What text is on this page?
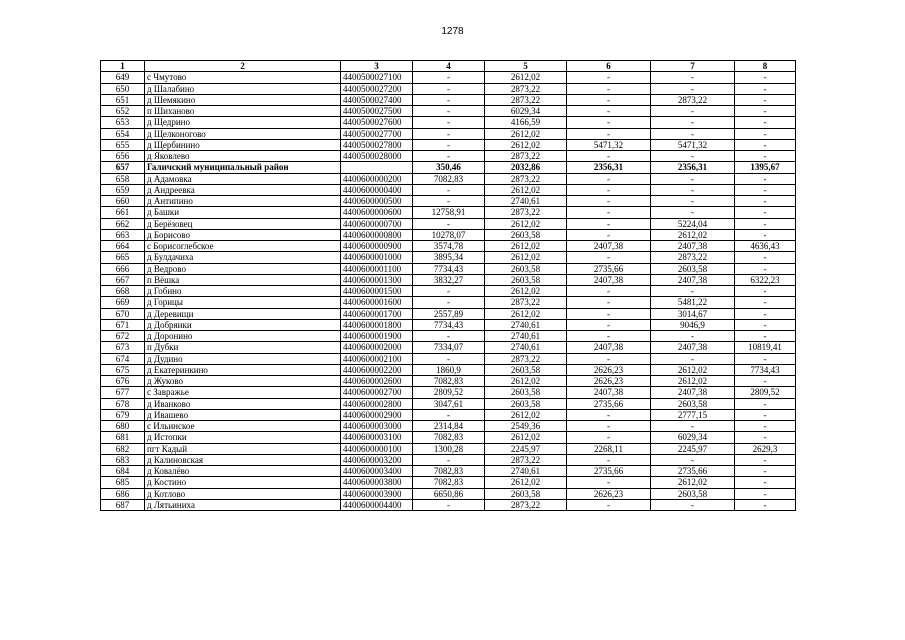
1278
1	2	3	4	5	6	7	8
649	с Чмутово	4400500027100	-	2612,02	-	-	-
650	д Шалабино	4400500027200	-	2873,22	-	-	-
651	д Шемякино	4400500027400	-	2873,22	-	2873,22	-
652	п Шиханово	4400500027500	-	6029,34	-	-	-
653	д Щедрино	4400500027600	-	4166,59	-	-	-
654	д Щелконогово	4400500027700	-	2612,02	-	-	-
655	д Щербинино	4400500027800	-	2612,02	5471,32	5471,32	-
656	д Яковлево	4400500028000	-	2873,22	-	-	-
657	Галичский муниципальный район		350,46	2032,86	2356,31	2356,31	1395,67
658	д Адамовка	4400600000200	7082,83	2873,22	-	-	-
659	д Андреевка	4400600000400	-	2612,02	-	-	-
660	д Антипино	4400600000500	-	2740,61	-	-	-
661	д Башки	4400600000600	12758,91	2873,22	-	-	-
662	д Берёзовец	4400600000700	-	2612,02	-	5224,04	-
663	д Борисово	4400600000800	10278,07	2603,58	-	2612,02	-
664	с Борисоглебское	4400600000900	3574,78	2612,02	2407,38	2407,38	4636,43
665	д Булдачиха	4400600001000	3895,34	2612,02	-	2873,22	-
666	д Ведрово	4400600001100	7734,43	2603,58	2735,66	2603,58	-
667	п Вёшка	4400600001300	3832,27	2603,58	2407,38	2407,38	6322,23
668	д Гобино	4400600001500	-	2612,02	-	-	-
669	д Горицы	4400600001600	-	2873,22	-	5481,22	-
670	д Деревищи	4400600001700	2557,89	2612,02	-	3014,67	-
671	д Добряики	4400600001800	7734,43	2740,61	-	9046,9	-
672	д Доронино	4400600001900	-	2740,61	-	-	-
673	п Дубки	4400600002000	7334,07	2740,61	2407,38	2407,38	10819,41
674	д Дудино	4400600002100	-	2873,22	-	-	-
675	д Екатеринкино	4400600002200	1860,9	2603,58	2626,23	2612,02	7734,43
676	д Жуково	4400600002600	7082,83	2612,02	2626,23	2612,02	-
677	с Завражье	4400600002700	2809,52	2603,58	2407,38	2407,38	2809,52
678	д Иванково	4400600002800	3047,61	2603,58	2735,66	2603,58	-
679	д Ивашево	4400600002900	-	2612,02	-	2777,15	-
680	с Ильинское	4400600003000	2314,84	2549,36	-	-	-
681	д Истопки	4400600003100	7082,83	2612,02	-	6029,34	-
682	пгт Кадый	4400600000100	1300,28	2245,97	2268,11	2245,97	2629,3
683	д Калиновская	4400600003200	-	2873,22	-	-	-
684	д Ковалёво	4400600003400	7082,83	2740,61	2735,66	2735,66	-
685	д Костино	4400600003800	7082,83	2612,02	-	2612,02	-
686	д Котлово	4400600003900	6650,86	2603,58	2626,23	2603,58	-
687	д Лятьиниха	4400600004400	-	2873,22	-	-	-
